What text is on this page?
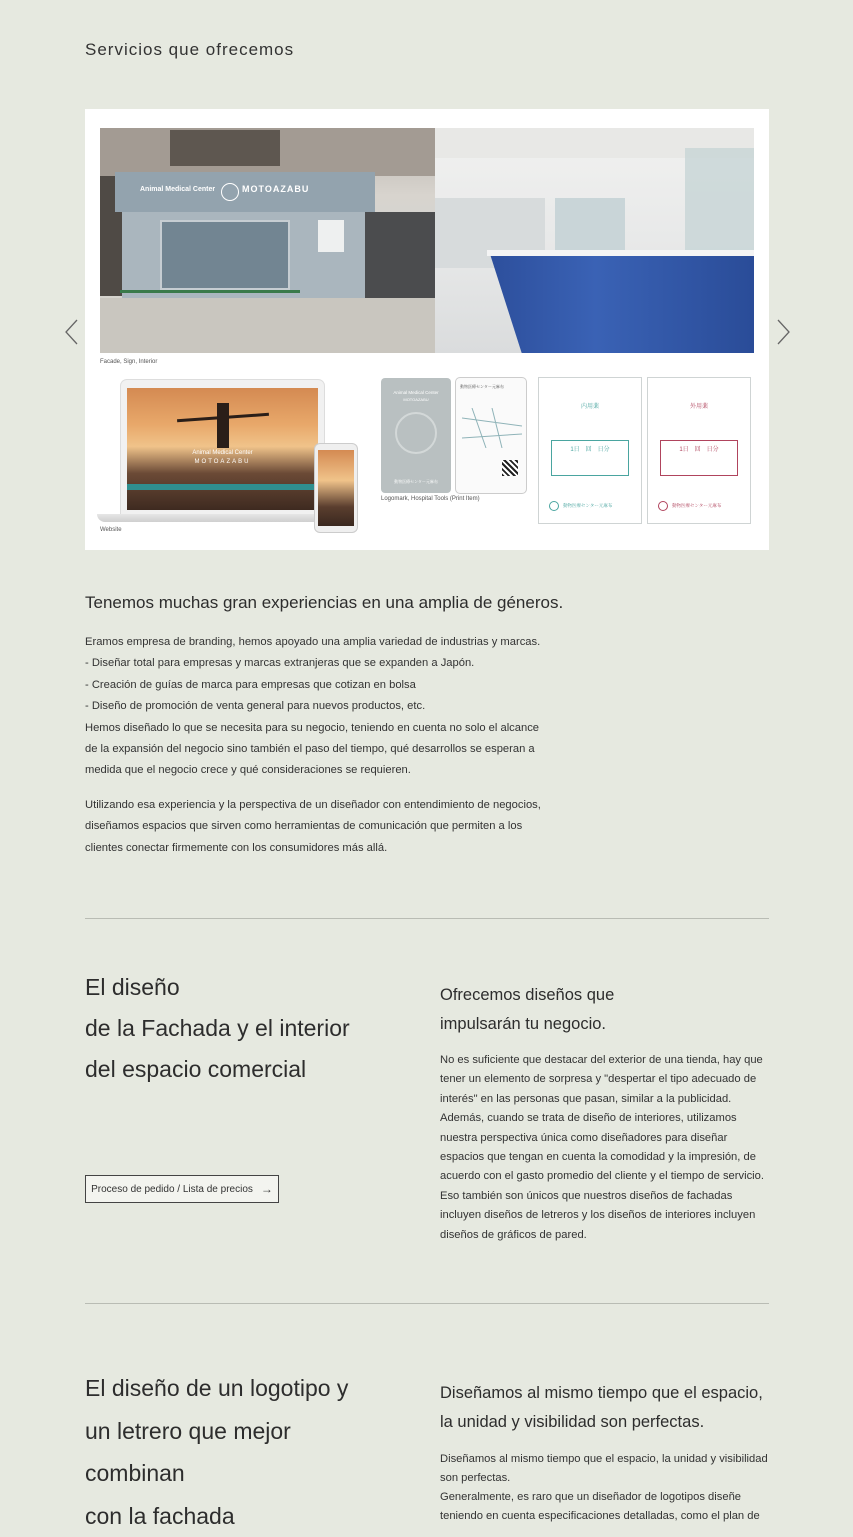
Servicios que ofrecemos
Animal Medical Center	MOTOAZABU
Facade, Sign, Interior
Animal Medical Center
MOTOAZABU
Website
Animal Medical Center
MOTOAZABU
動物医療センター元麻布
動物医療センター元麻布
Logomark, Hospital Tools (Print Item)
内用薬
1日　回　日分
動物医療センター元麻布
外用薬
1日　回　日分
動物医療センター元麻布
Tenemos muchas gran experiencias en una amplia de géneros.

Eramos empresa de branding, hemos apoyado una amplia variedad de industrias y marcas.

- Diseñar total para empresas y marcas extranjeras que se expanden a Japón.

- Creación de guías de marca para empresas que cotizan en bolsa

- Diseño de promoción de venta general para nuevos productos, etc.

Hemos diseñado lo que se necesita para su negocio, teniendo en cuenta no solo el alcance

de la expansión del negocio sino también el paso del tiempo, qué desarrollos se esperan a

medida que el negocio crece y qué consideraciones se requieren.

Utilizando esa experiencia y la perspectiva de un diseñador con entendimiento de negocios,

diseñamos espacios que sirven como herramientas de comunicación que permiten a los

clientes conectar firmemente con los consumidores más allá.

El diseño
de la Fachada y el interior
del espacio comercial
Proceso de pedido / Lista de precios →
Ofrecemos diseños que
impulsarán tu negocio.

No es suficiente que destacar del exterior de una tienda, hay que

tener un elemento de sorpresa y "despertar el tipo adecuado de

interés" en las personas que pasan, similar a la publicidad.

Además, cuando se trata de diseño de interiores, utilizamos

nuestra perspectiva única como diseñadores para diseñar

espacios que tengan en cuenta la comodidad y la impresión, de

acuerdo con el gasto promedio del cliente y el tiempo de servicio.

Eso también son únicos que nuestros diseños de fachadas

incluyen diseños de letreros y los diseños de interiores incluyen

diseños de gráficos de pared.

El diseño de un logotipo y
un letrero que mejor
combinan
con la fachada
Diseñamos al mismo tiempo que el espacio,
la unidad y visibilidad son perfectas.

Diseñamos al mismo tiempo que el espacio, la unidad y visibilidad

son perfectas.

Generalmente, es raro que un diseñador de logotipos diseñe

teniendo en cuenta especificaciones detalladas, como el plan de
